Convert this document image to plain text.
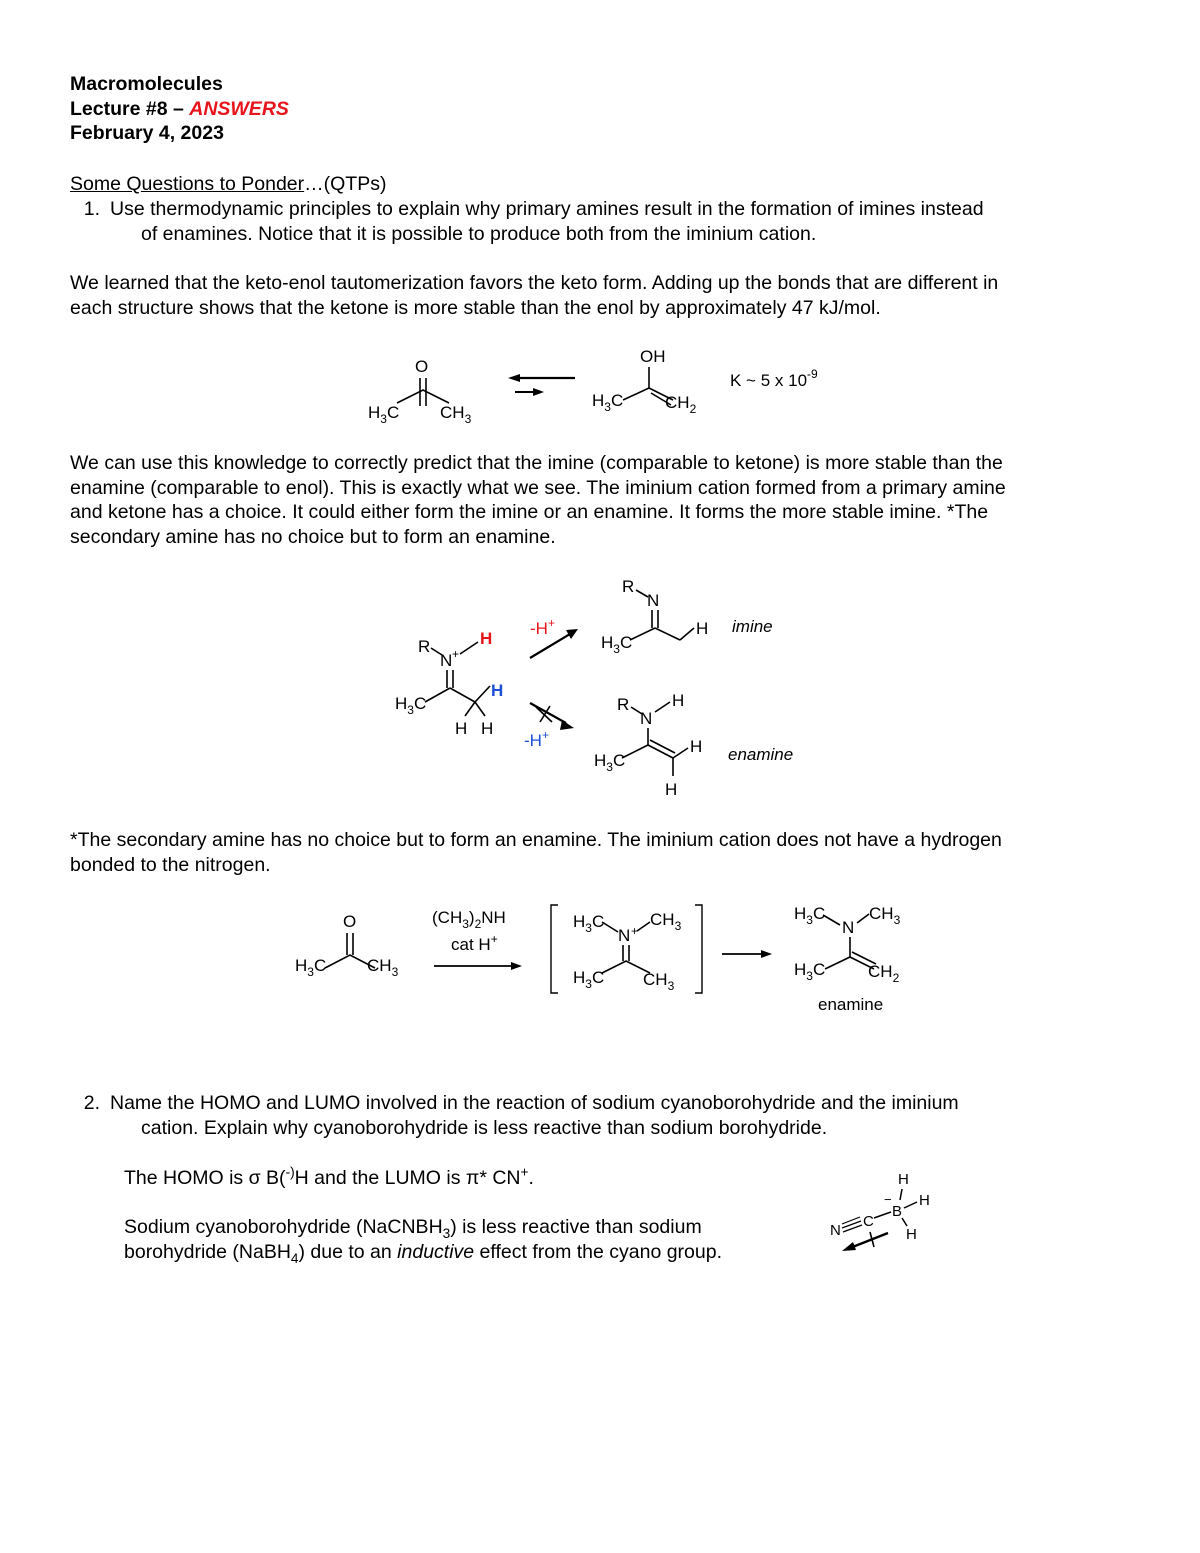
Macromolecules
Lecture #8 – ANSWERS
February 4, 2023
Some Questions to Ponder…(QTPs)
1. Use thermodynamic principles to explain why primary amines result in the formation of imines instead
of enamines. Notice that it is possible to produce both from the iminium cation.
We learned that the keto-enol tautomerization favors the keto form. Adding up the bonds that are different in
each structure shows that the ketone is more stable than the enol by approximately 47 kJ/mol.
O
$H_3C$ $CH_3$
OH
$H_3C$ $CH_2$
K ~ 5 x $10^{-9}$
We can use this knowledge to correctly predict that the imine (comparable to ketone) is more stable than the
enamine (comparable to enol). This is exactly what we see. The iminium cation formed from a primary amine
and ketone has a choice. It could either form the imine or an enamine. It forms the more stable imine. *The
secondary amine has no choice but to form an enamine.
R
N +
H
H
H H
$H_3C$
-H+
-H+
R
N
H
$H_3C$
imine
R
N
H
H
H
$H_3C$	enamine
*The secondary amine has no choice but to form an enamine. The iminium cation does not have a hydrogen
bonded to the nitrogen.
O
$H_3C$ $CH_3$
$(CH_3)_2NH$
cat H+
$H_3C$
N +
$CH_3$
$H_3C$ $CH_3$
$H_3C$
N
$CH_3$
$H_3C$	$CH_2$
enamine
2. Name the HOMO and LUMO involved in the reaction of sodium cyanoborohydride and the iminium
cation. Explain why cyanoborohydride is less reactive than sodium borohydride.
The HOMO is σ B(-)H and the LUMO is π* CN+.
Sodium cyanoborohydride (NaCNBH$_3$) is less reactive than sodium
borohydride (NaBH$_4$) due to an inductive effect from the cyano group.
H
−
B
H
H
N
C
